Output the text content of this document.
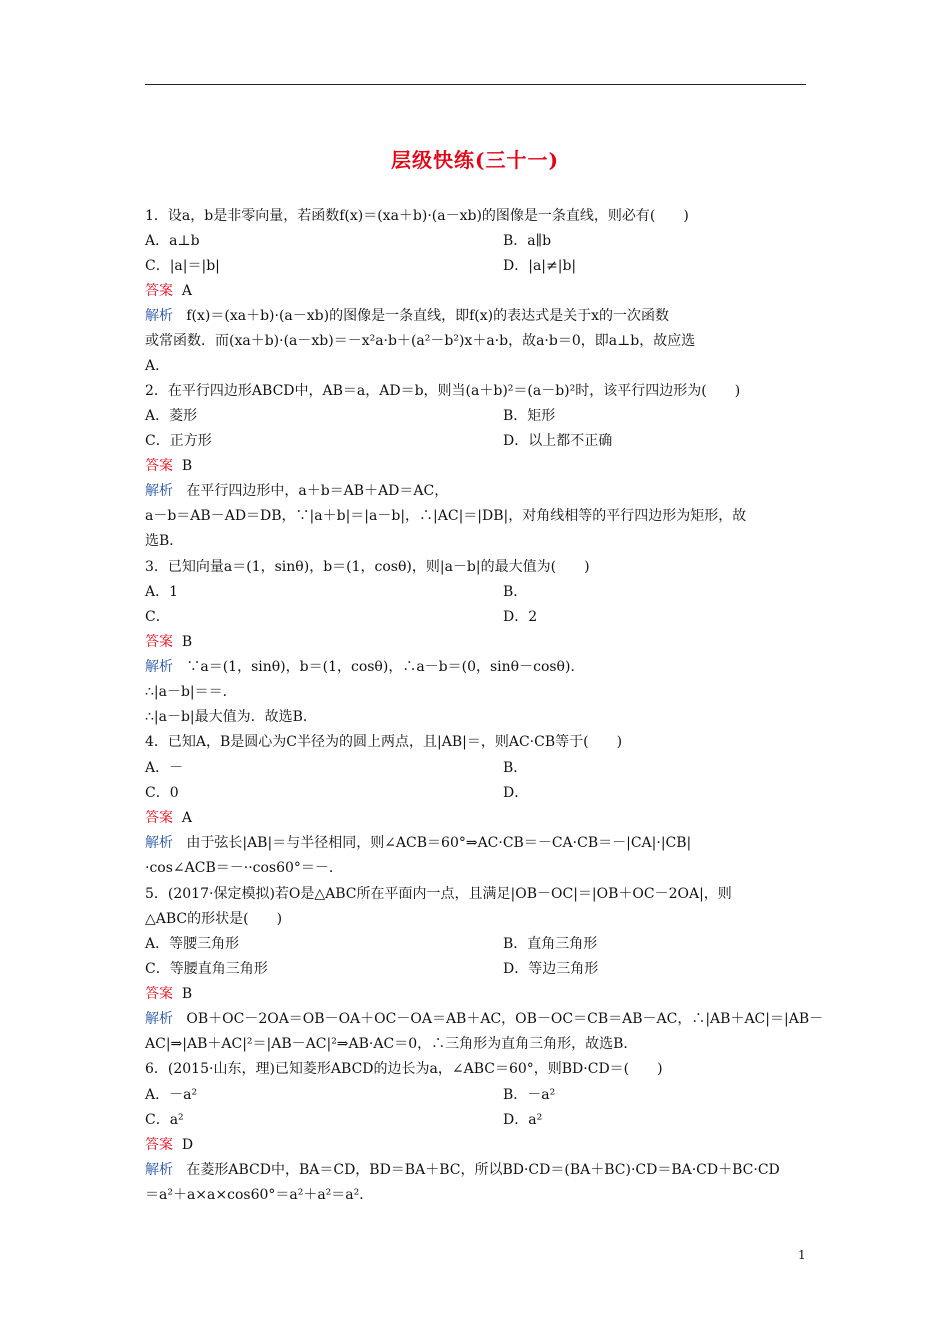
层级快练(三十一)
1．设a，b是非零向量，若函数f(x)＝(xa＋b)·(a－xb)的图像是一条直线，则必有(　　)
A．a⊥b	B．a∥b
C．|a|＝|b|	D．|a|≠|b|
答案 A
解析 f(x)＝(xa＋b)·(a－xb)的图像是一条直线，即f(x)的表达式是关于x的一次函数
或常函数．而(xa＋b)·(a－xb)＝－x²a·b＋(a²－b²)x＋a·b，故a·b＝0，即a⊥b，故应选
A．
2．在平行四边形ABCD中，AB＝a，AD＝b，则当(a＋b)²＝(a－b)²时，该平行四边形为(　　)
A．菱形	B．矩形
C．正方形	D．以上都不正确
答案 B
解析 在平行四边形中，a＋b＝AB＋AD＝AC，
a－b＝AB－AD＝DB，∵|a＋b|＝|a－b|，∴|AC|＝|DB|，对角线相等的平行四边形为矩形，故
选B．
3．已知向量a＝(1，sinθ)，b＝(1，cosθ)，则|a－b|的最大值为(　　)
A．1	B．
C．	D．2
答案 B
解析 ∵a＝(1，sinθ)，b＝(1，cosθ)，∴a－b＝(0，sinθ－cosθ)．
∴|a－b|＝＝．
∴|a－b|最大值为．故选B．
4．已知A，B是圆心为C半径为的圆上两点，且|AB|＝，则AC·CB等于(　　)
A．－	B．
C．0	D．
答案 A
解析 由于弦长|AB|＝与半径相同，则∠ACB＝60°⇒AC·CB＝－CA·CB＝－|CA|·|CB|
·cos∠ACB＝－··cos60°＝－．
5．(2017·保定模拟)若O是△ABC所在平面内一点，且满足|OB－OC|＝|OB＋OC－2OA|，则
△ABC的形状是(　　)
A．等腰三角形	B．直角三角形
C．等腰直角三角形	D．等边三角形
答案 B
解析 OB＋OC－2OA＝OB－OA＋OC－OA＝AB＋AC，OB－OC＝CB＝AB－AC，∴|AB＋AC|＝|AB－
AC|⇒|AB＋AC|²＝|AB－AC|²⇒AB·AC＝0，∴三角形为直角三角形，故选B．
6．(2015·山东，理)已知菱形ABCD的边长为a，∠ABC＝60°，则BD·CD＝(　　)
A．－a²	B．－a²
C．a²	D．a²
答案 D
解析 在菱形ABCD中，BA＝CD，BD＝BA＋BC，所以BD·CD＝(BA＋BC)·CD＝BA·CD＋BC·CD
＝a²＋a×a×cos60°＝a²＋a²＝a²．
1
